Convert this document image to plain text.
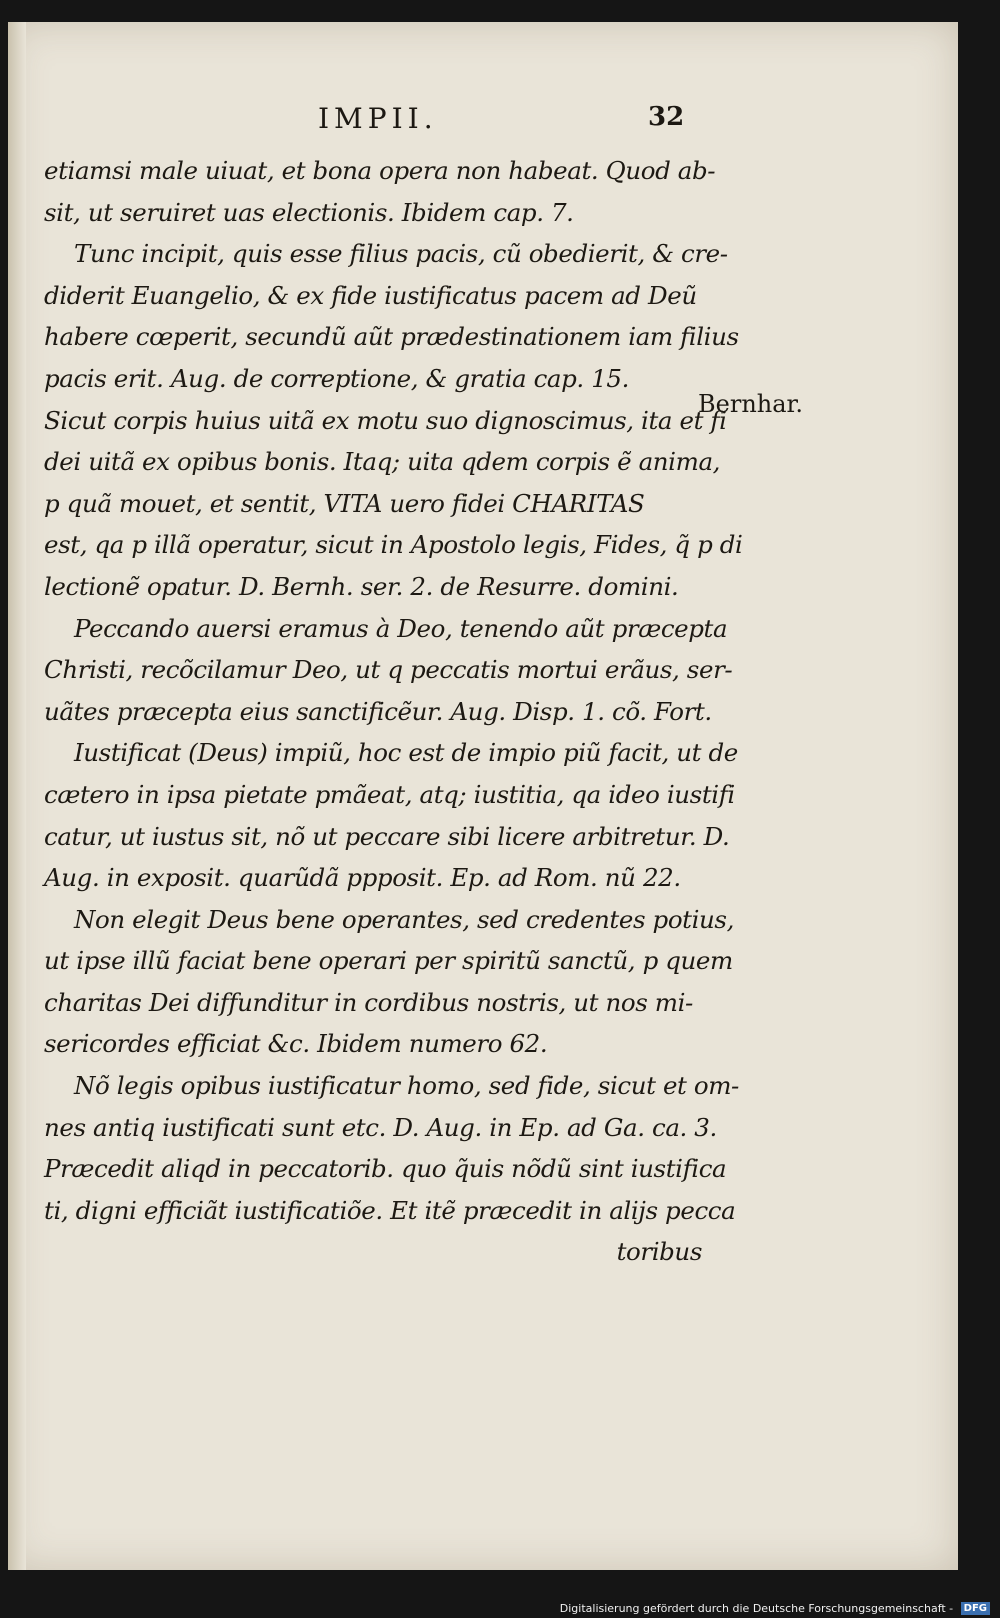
IMPII.	32
etiamsi male uiuat, et bona opera non habeat. Quod ab-
sit, ut seruiret uas electionis. Ibidem cap. 7.
Tunc incipit, quis esse filius pacis, cũ obedierit, & cre-
diderit Euangelio, & ex fide iustificatus pacem ad Deũ
habere cœperit, secundũ aũt prædestinationem iam filius
pacis erit. Aug. de correptione, & gratia cap. 15.
Sicut corpis huius uitã ex motu suo dignoscimus, ita et fi
dei uitã ex opibus bonis. Itaq; uita qdem corpis ẽ anima,
p quã mouet, et sentit, VITA uero fidei CHARITAS
est, qa p illã operatur, sicut in Apostolo legis, Fides, q̃ p di
lectionẽ opatur. D. Bernh. ser. 2. de Resurre. domini.
Peccando auersi eramus à Deo, tenendo aũt præcepta
Christi, recõcilamur Deo, ut q peccatis mortui erãus, ser-
uãtes præcepta eius sanctificẽur. Aug. Disp. 1. cõ. Fort.
Iustificat (Deus) impiũ, hoc est de impio piũ facit, ut de
cætero in ipsa pietate pmãeat, atq; iustitia, qa ideo iustifi
catur, ut iustus sit, nõ ut peccare sibi licere arbitretur. D.
Aug. in exposit. quarũdã ppposit. Ep. ad Rom. nũ 22.
Non elegit Deus bene operantes, sed credentes potius,
ut ipse illũ faciat bene operari per spiritũ sanctũ, p quem
charitas Dei diffunditur in cordibus nostris, ut nos mi-
sericordes efficiat &c. Ibidem numero 62.
Nõ legis opibus iustificatur homo, sed fide, sicut et om-
nes antiq iustificati sunt etc. D. Aug. in Ep. ad Ga. ca. 3.
Præcedit aliqd in peccatorib. quo q̃uis nõdũ sint iustifica
ti, digni efficiãt iustificatiõe. Et itẽ præcedit in alijs pecca
toribus
Bernhar.
Digitalisierung gefördert durch die Deutsche Forschungsgemeinschaft - DFG
